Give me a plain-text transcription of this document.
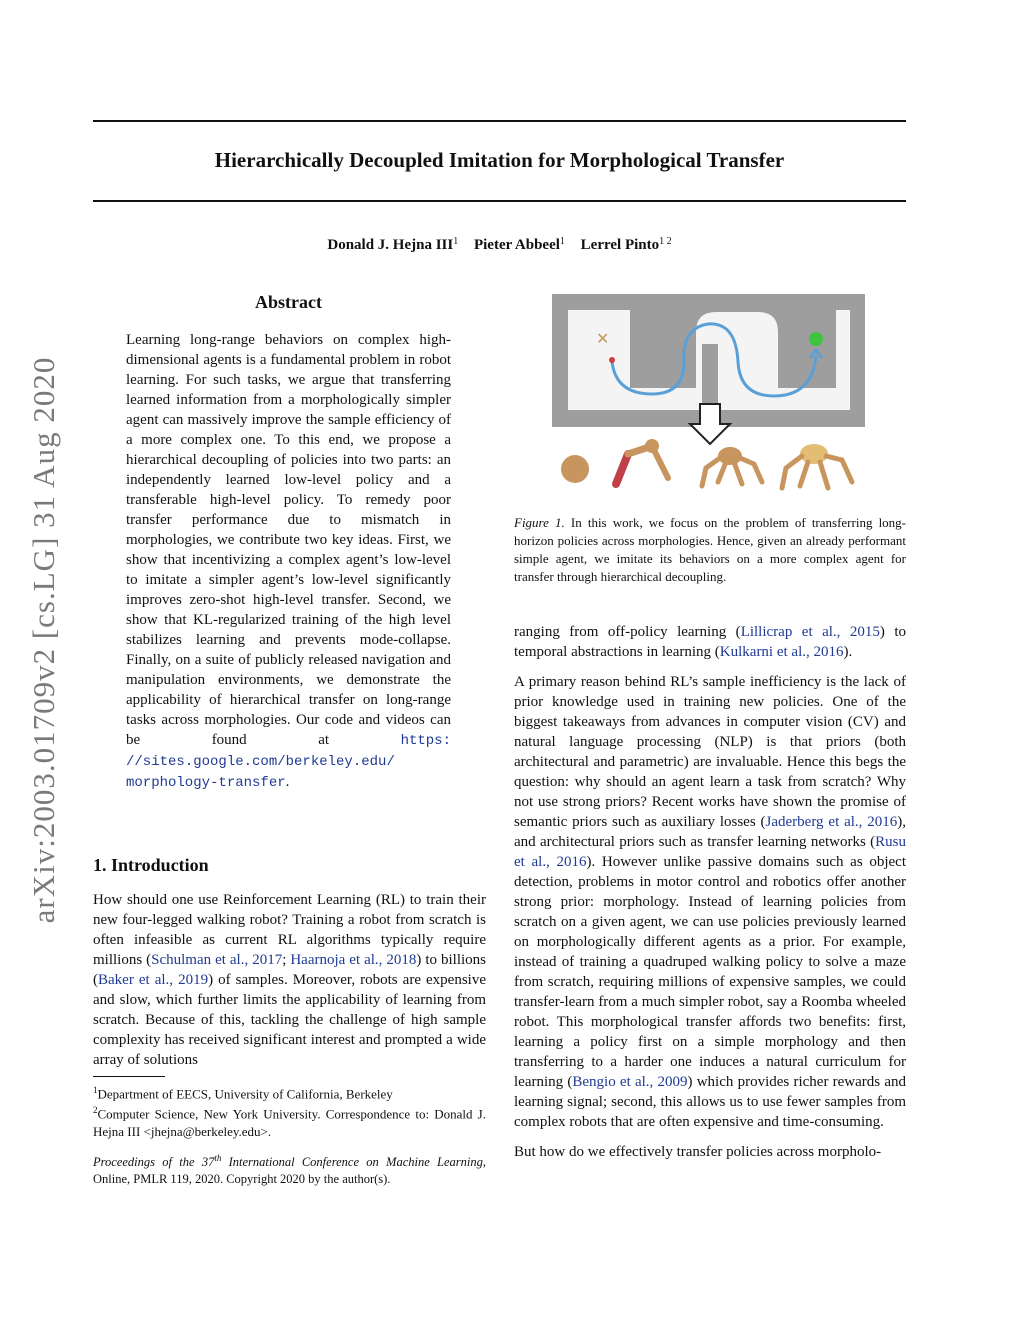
arXiv:2003.01709v2 [cs.LG] 31 Aug 2020
Hierarchically Decoupled Imitation for Morphological Transfer
Donald J. Hejna III$^1$ Pieter Abbeel$^1$ Lerrel Pinto$^{1 2}$
Abstract
Learning long-range behaviors on complex high-dimensional agents is a fundamental problem in robot learning. For such tasks, we argue that transferring learned information from a morphologically simpler agent can massively improve the sample efficiency of a more complex one. To this end, we propose a hierarchical decoupling of policies into two parts: an independently learned low-level policy and a transferable high-level policy. To remedy poor transfer performance due to mismatch in morphologies, we contribute two key ideas. First, we show that incentivizing a complex agent’s low-level to imitate a simpler agent’s low-level significantly improves zero-shot high-level transfer. Second, we show that KL-regularized training of the high level stabilizes learning and prevents mode-collapse. Finally, on a suite of publicly released navigation and manipulation environments, we demonstrate the applicability of hierarchical transfer on long-range tasks across morphologies. Our code and videos can be found at	https: //sites.google.com/berkeley.edu/ morphology-transfer.
1. Introduction
How should one use Reinforcement Learning (RL) to train their new four-legged walking robot? Training a robot from scratch is often infeasible as current RL algorithms typically require millions (Schulman et al., 2017; Haarnoja et al., 2018) to billions (Baker et al., 2019) of samples. Moreover, robots are expensive and slow, which further limits the applicability of learning from scratch. Because of this, tackling the challenge of high sample complexity has received significant interest and prompted a wide array of solutions
$^1$Department of EECS, University of California, Berkeley
$^2$Computer Science, New York University. Correspondence to: Donald J. Hejna III <jhejna@berkeley.edu>.
Proceedings of the 37th International Conference on Machine Learning, Online, PMLR 119, 2020. Copyright 2020 by the author(s).
✕
Figure 1. In this work, we focus on the problem of transferring long-horizon policies across morphologies. Hence, given an already performant simple agent, we imitate its behaviors on a more complex agent for transfer through hierarchical decoupling.

ranging from off-policy learning (Lillicrap et al., 2015) to temporal abstractions in learning (Kulkarni et al., 2016).

A primary reason behind RL’s sample inefficiency is the lack of prior knowledge used in training new policies. One of the biggest takeaways from advances in computer vision (CV) and natural language processing (NLP) is that priors (both architectural and parametric) are invaluable. Hence this begs the question: why should an agent learn a task from scratch? Why not use strong priors? Recent works have shown the promise of semantic priors such as auxiliary losses (Jaderberg et al., 2016), and architectural priors such as transfer learning networks (Rusu et al., 2016). However unlike passive domains such as object detection, problems in motor control and robotics offer another strong prior: morphology. Instead of learning policies from scratch on a given agent, we can use policies previously learned on morphologically different agents as a prior. For example, instead of training a quadruped walking policy to solve a maze from scratch, requiring millions of expensive samples, we could transfer-learn from a much simpler robot, say a Roomba wheeled robot. This morphological transfer affords two benefits: first, learning a policy first on a simple morphology and then transferring to a harder one induces a natural curriculum for learning (Bengio et al., 2009) which provides richer rewards and learning signal; second, this allows us to use fewer samples from complex robots that are often expensive and time-consuming.

But how do we effectively transfer policies across morpholo-
